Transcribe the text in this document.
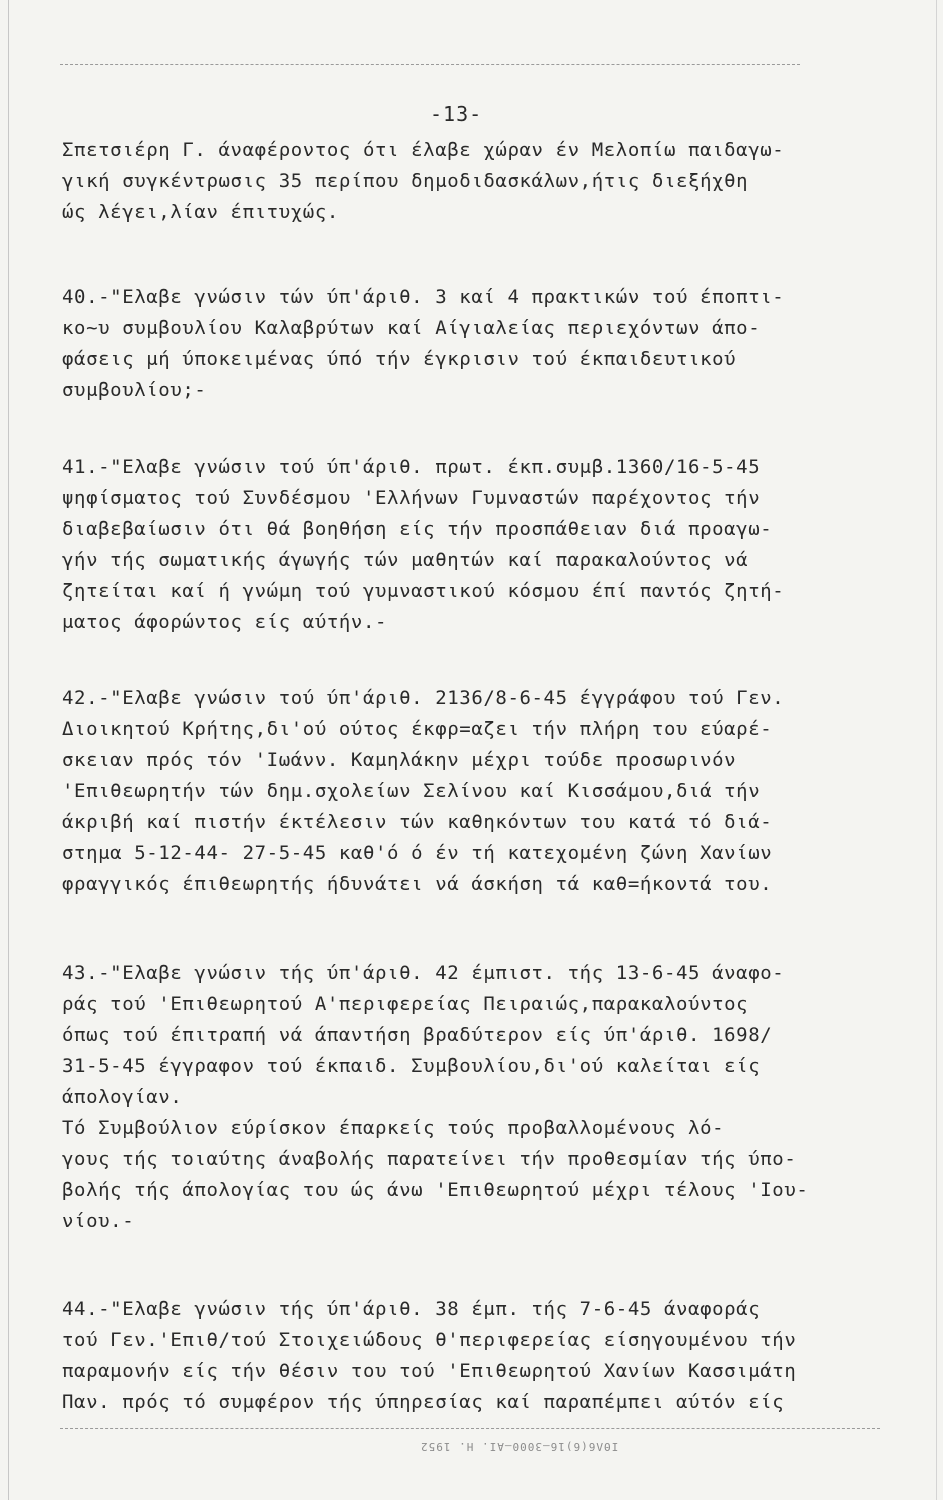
-13-
Σπετσιέρη Γ. άναφέροντος ότι έλαβε χώραν έν Μελοπίω παιδαγω-
γική συγκέντρωσις 35 περίπου δημοδιδασκάλων,ήτις διεξήχθη
ώς λέγει,λίαν έπιτυχώς.
40.-"Ελαβε γνώσιν τών ύπ'άριθ. 3 καί 4 πρακτικών τού έποπτι-
κο~υ συμβουλίου Καλαβρύτων καί Αίγιαλείας περιεχόντων άπο-
φάσεις μή ύποκειμένας ύπό τήν έγκρισιν τού έκπαιδευτικού
συμβουλίου;-
41.-"Ελαβε γνώσιν τού ύπ'άριθ. πρωτ. έκπ.συμβ.1360/16-5-45
ψηφίσματος τού Συνδέσμου 'Ελλήνων Γυμναστών παρέχοντος τήν
διαβεβαίωσιν ότι θά βοηθήση είς τήν προσπάθειαν διά προαγω-
γήν τής σωματικής άγωγής τών μαθητών καί παρακαλούντος νά
ζητείται καί ή γνώμη τού γυμναστικού κόσμου έπί παντός ζητή-
ματος άφορώντος είς αύτήν.-
42.-"Ελαβε γνώσιν τού ύπ'άριθ. 2136/8-6-45 έγγράφου τού Γεν.
Διοικητού Κρήτης,δι'ού ούτος έκφρ=αζει τήν πλήρη του εύαρέ-
σκειαν πρός τόν 'Ιωάνν. Καμηλάκην μέχρι τούδε προσωρινόν
'Επιθεωρητήν τών δημ.σχολείων Σελίνου καί Κισσάμου,διά τήν
άκριβή καί πιστήν έκτέλεσιν τών καθηκόντων του κατά τό διά-
στημα 5-12-44- 27-5-45 καθ'ό ό έν τή κατεχομένη ζώνη Χανίων
φραγγικός έπιθεωρητής ήδυνάτει νά άσκήση τά καθ=ήκοντά του.
43.-"Ελαβε γνώσιν τής ύπ'άριθ. 42 έμπιστ. τής 13-6-45 άναφο-
ράς τού 'Επιθεωρητού Α'περιφερείας Πειραιώς,παρακαλούντος
όπως τού έπιτραπή νά άπαντήση βραδύτερον είς ύπ'άριθ. 1698/
31-5-45 έγγραφον τού έκπαιδ. Συμβουλίου,δι'ού καλείται είς
άπολογίαν.
Τό Συμβούλιον εύρίσκον έπαρκείς τούς προβαλλομένους λό-
γους τής τοιαύτης άναβολής παρατείνει τήν προθεσμίαν τής ύπο-
βολής τής άπολογίας του ώς άνω 'Επιθεωρητού μέχρι τέλους 'Ιου-
νίου.-
44.-"Ελαβε γνώσιν τής ύπ'άριθ. 38 έμπ. τής 7-6-45 άναφοράς
τού Γεν.'Επιθ/τού Στοιχειώδους θ'περιφερείας είσηγουμένου τήν
παραμονήν είς τήν θέσιν του τού 'Επιθεωρητού Χανίων Κασσιμάτη
Παν. πρός τό συμφέρον τής ύπηρεσίας καί παραπέμπει αύτόν είς
ΙΘΛ6(6)16—3000—ΑΙ. Η. 1952
